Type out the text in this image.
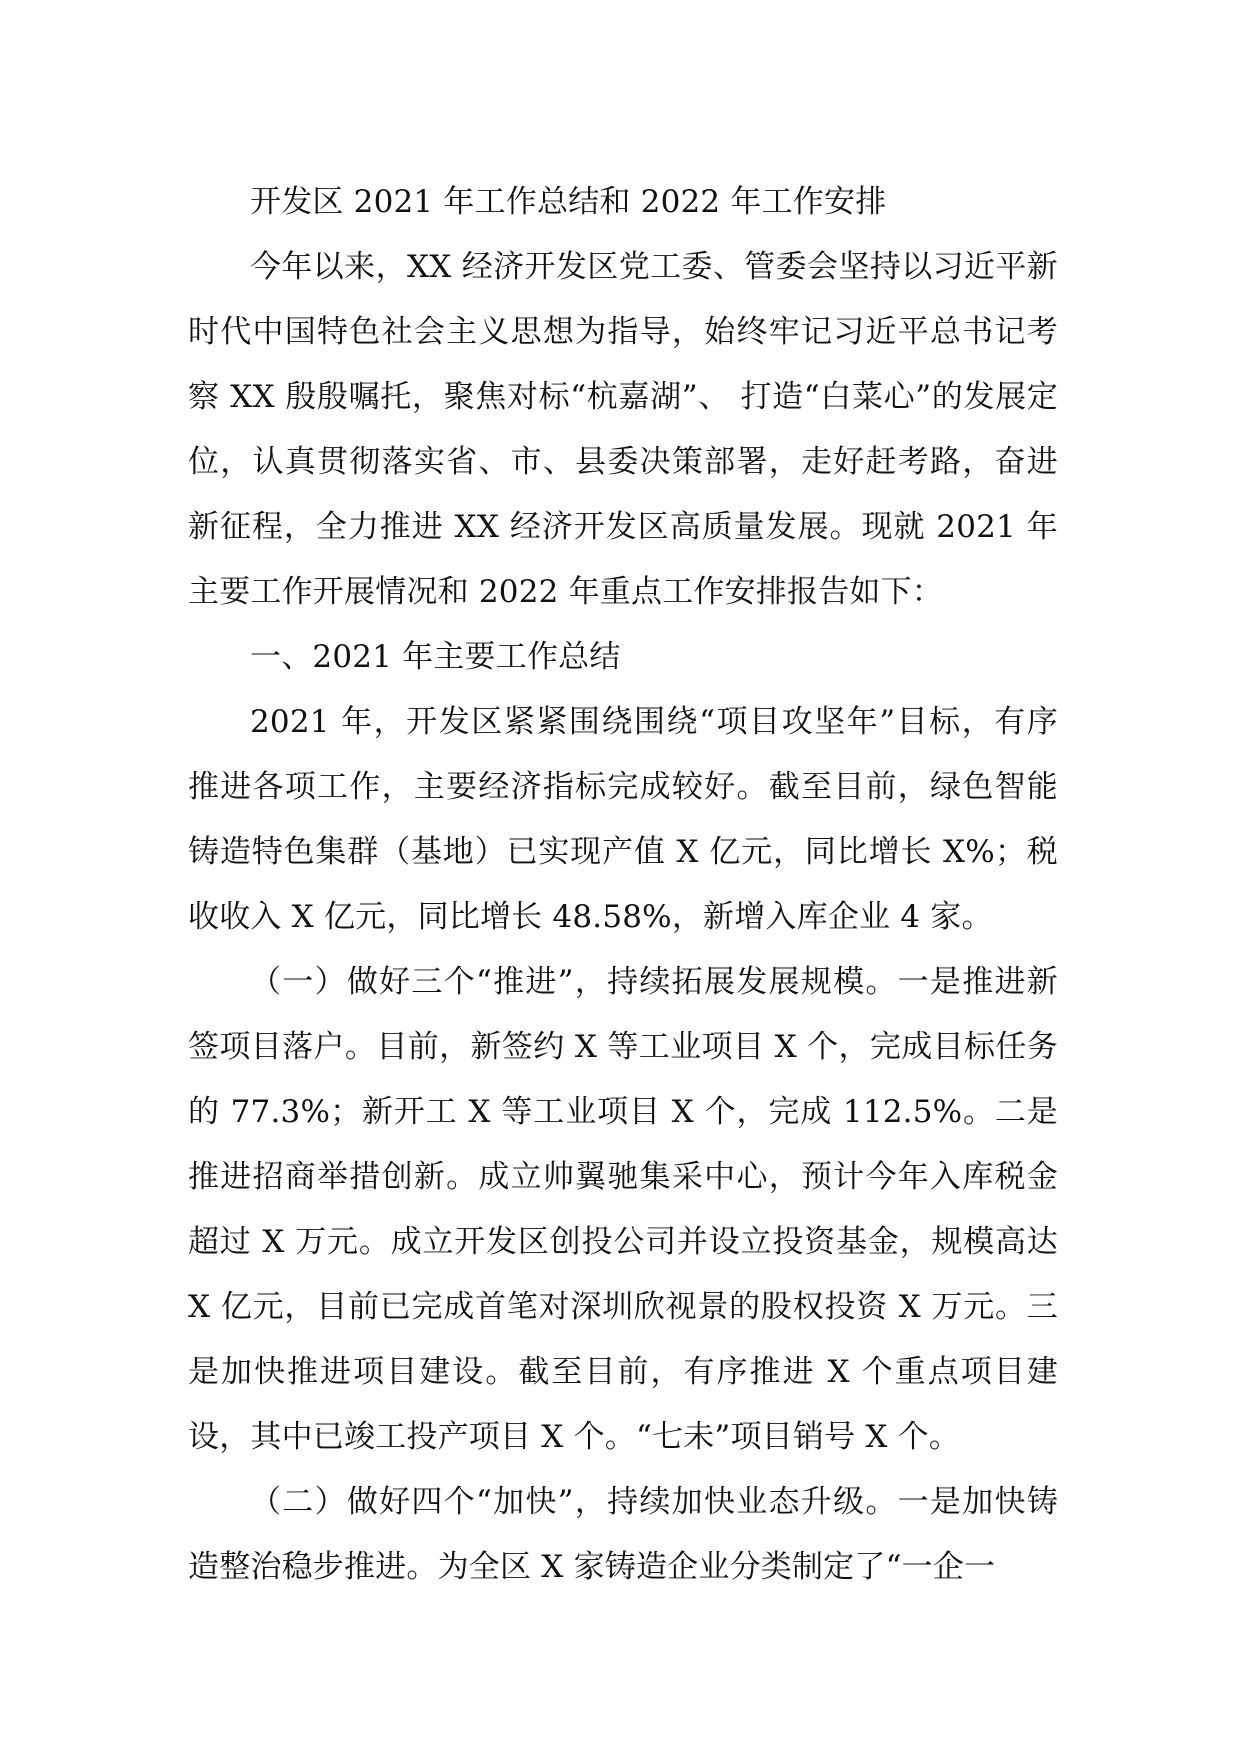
开发区 2021 年工作总结和 2022 年工作安排

今年以来，XX 经济开发区党工委、管委会坚持以习近平新时代中国特色社会主义思想为指导，始终牢记习近平总书记考察 XX 殷殷嘱托，聚焦对标“杭嘉湖”、 打造“白菜心”的发展定位，认真贯彻落实省、市、县委决策部署，走好赶考路，奋进新征程，全力推进 XX 经济开发区高质量发展。现就 2021 年主要工作开展情况和 2022 年重点工作安排报告如下：

一、2021 年主要工作总结

2021 年，开发区紧紧围绕围绕“项目攻坚年”目标，有序推进各项工作，主要经济指标完成较好。截至目前，绿色智能铸造特色集群（基地）已实现产值 X 亿元，同比增长 X%；税收收入 X 亿元，同比增长 48.58%，新增入库企业 4 家。

（一）做好三个“推进”，持续拓展发展规模。一是推进新签项目落户。目前，新签约 X 等工业项目 X 个，完成目标任务的 77.3%；新开工 X 等工业项目 X 个，完成 112.5%。二是推进招商举措创新。成立帅翼驰集采中心，预计今年入库税金超过 X 万元。成立开发区创投公司并设立投资基金，规模高达 X 亿元，目前已完成首笔对深圳欣视景的股权投资 X 万元。三是加快推进项目建设。截至目前，有序推进 X 个重点项目建设，其中已竣工投产项目 X 个。“七未”项目销号 X 个。

（二）做好四个“加快”，持续加快业态升级。一是加快铸造整治稳步推进。为全区 X 家铸造企业分类制定了“一企一
